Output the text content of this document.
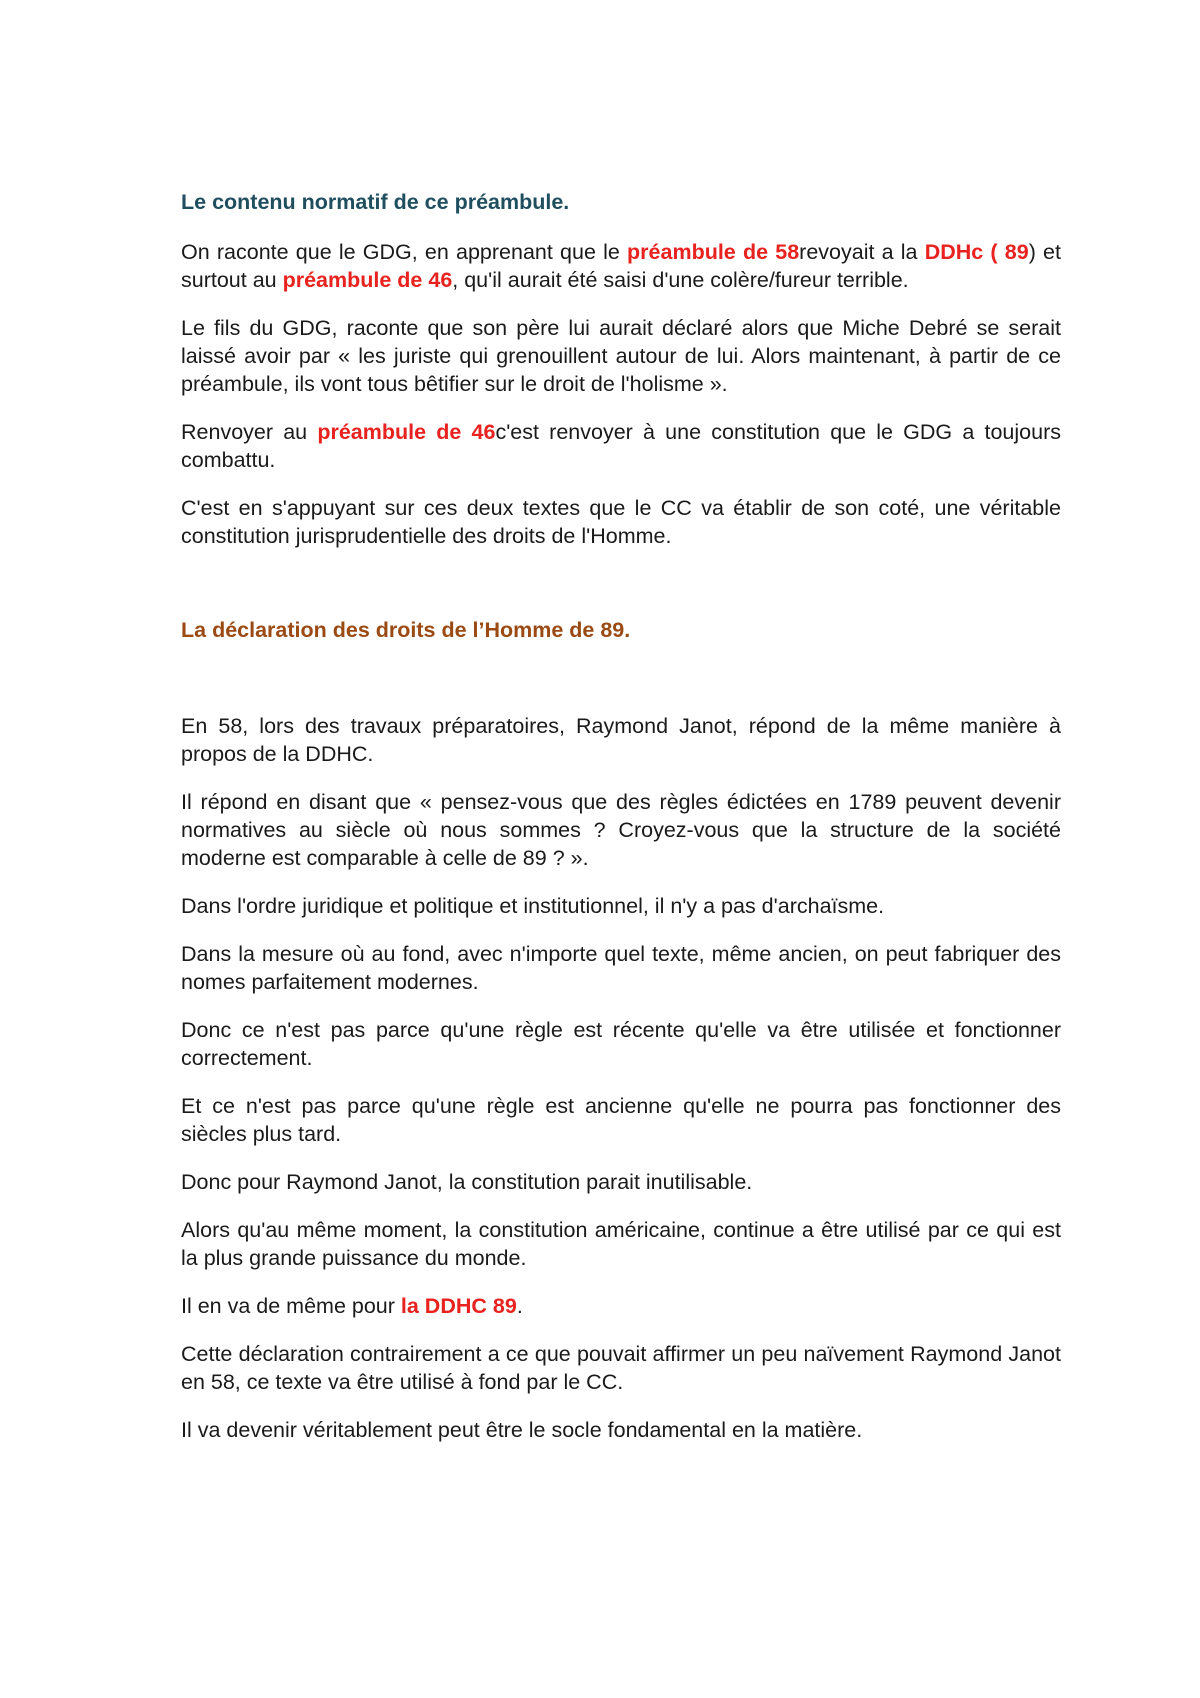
Le contenu normatif de ce préambule.

On raconte que le GDG, en apprenant que le préambule de 58revoyait a la DDHc ( 89) et surtout au préambule de 46, qu'il aurait été saisi d'une colère/fureur terrible.

Le fils du GDG, raconte que son père lui aurait déclaré alors que Miche Debré se serait laissé avoir par « les juriste qui grenouillent autour de lui. Alors maintenant, à partir de ce préambule, ils vont tous bêtifier sur le droit de l'holisme ».

Renvoyer au préambule de 46c'est renvoyer à une constitution que le GDG a toujours combattu.

C'est en s'appuyant sur ces deux textes que le CC va établir de son coté, une véritable constitution jurisprudentielle des droits de l'Homme.

La déclaration des droits de l’Homme de 89.

En 58, lors des travaux préparatoires, Raymond Janot, répond de la même manière à propos de la DDHC.

Il répond en disant que « pensez-vous que des règles édictées en 1789 peuvent devenir normatives au siècle où nous sommes ? Croyez-vous que la structure de la société moderne est comparable à celle de 89 ? ».

Dans l'ordre juridique et politique et institutionnel, il n'y a pas d'archaïsme.

Dans la mesure où au fond, avec n'importe quel texte, même ancien, on peut fabriquer des nomes parfaitement modernes.

Donc ce n'est pas parce qu'une règle est récente qu'elle va être utilisée et fonctionner correctement.

Et ce n'est pas parce qu'une règle est ancienne qu'elle ne pourra pas fonctionner des siècles plus tard.

Donc pour Raymond Janot, la constitution parait inutilisable.

Alors qu'au même moment, la constitution américaine, continue a être utilisé par ce qui est la plus grande puissance du monde.

Il en va de même pour la DDHC 89.

Cette déclaration contrairement a ce que pouvait affirmer un peu naïvement Raymond Janot en 58, ce texte va être utilisé à fond par le CC.

Il va devenir véritablement peut être le socle fondamental en la matière.
